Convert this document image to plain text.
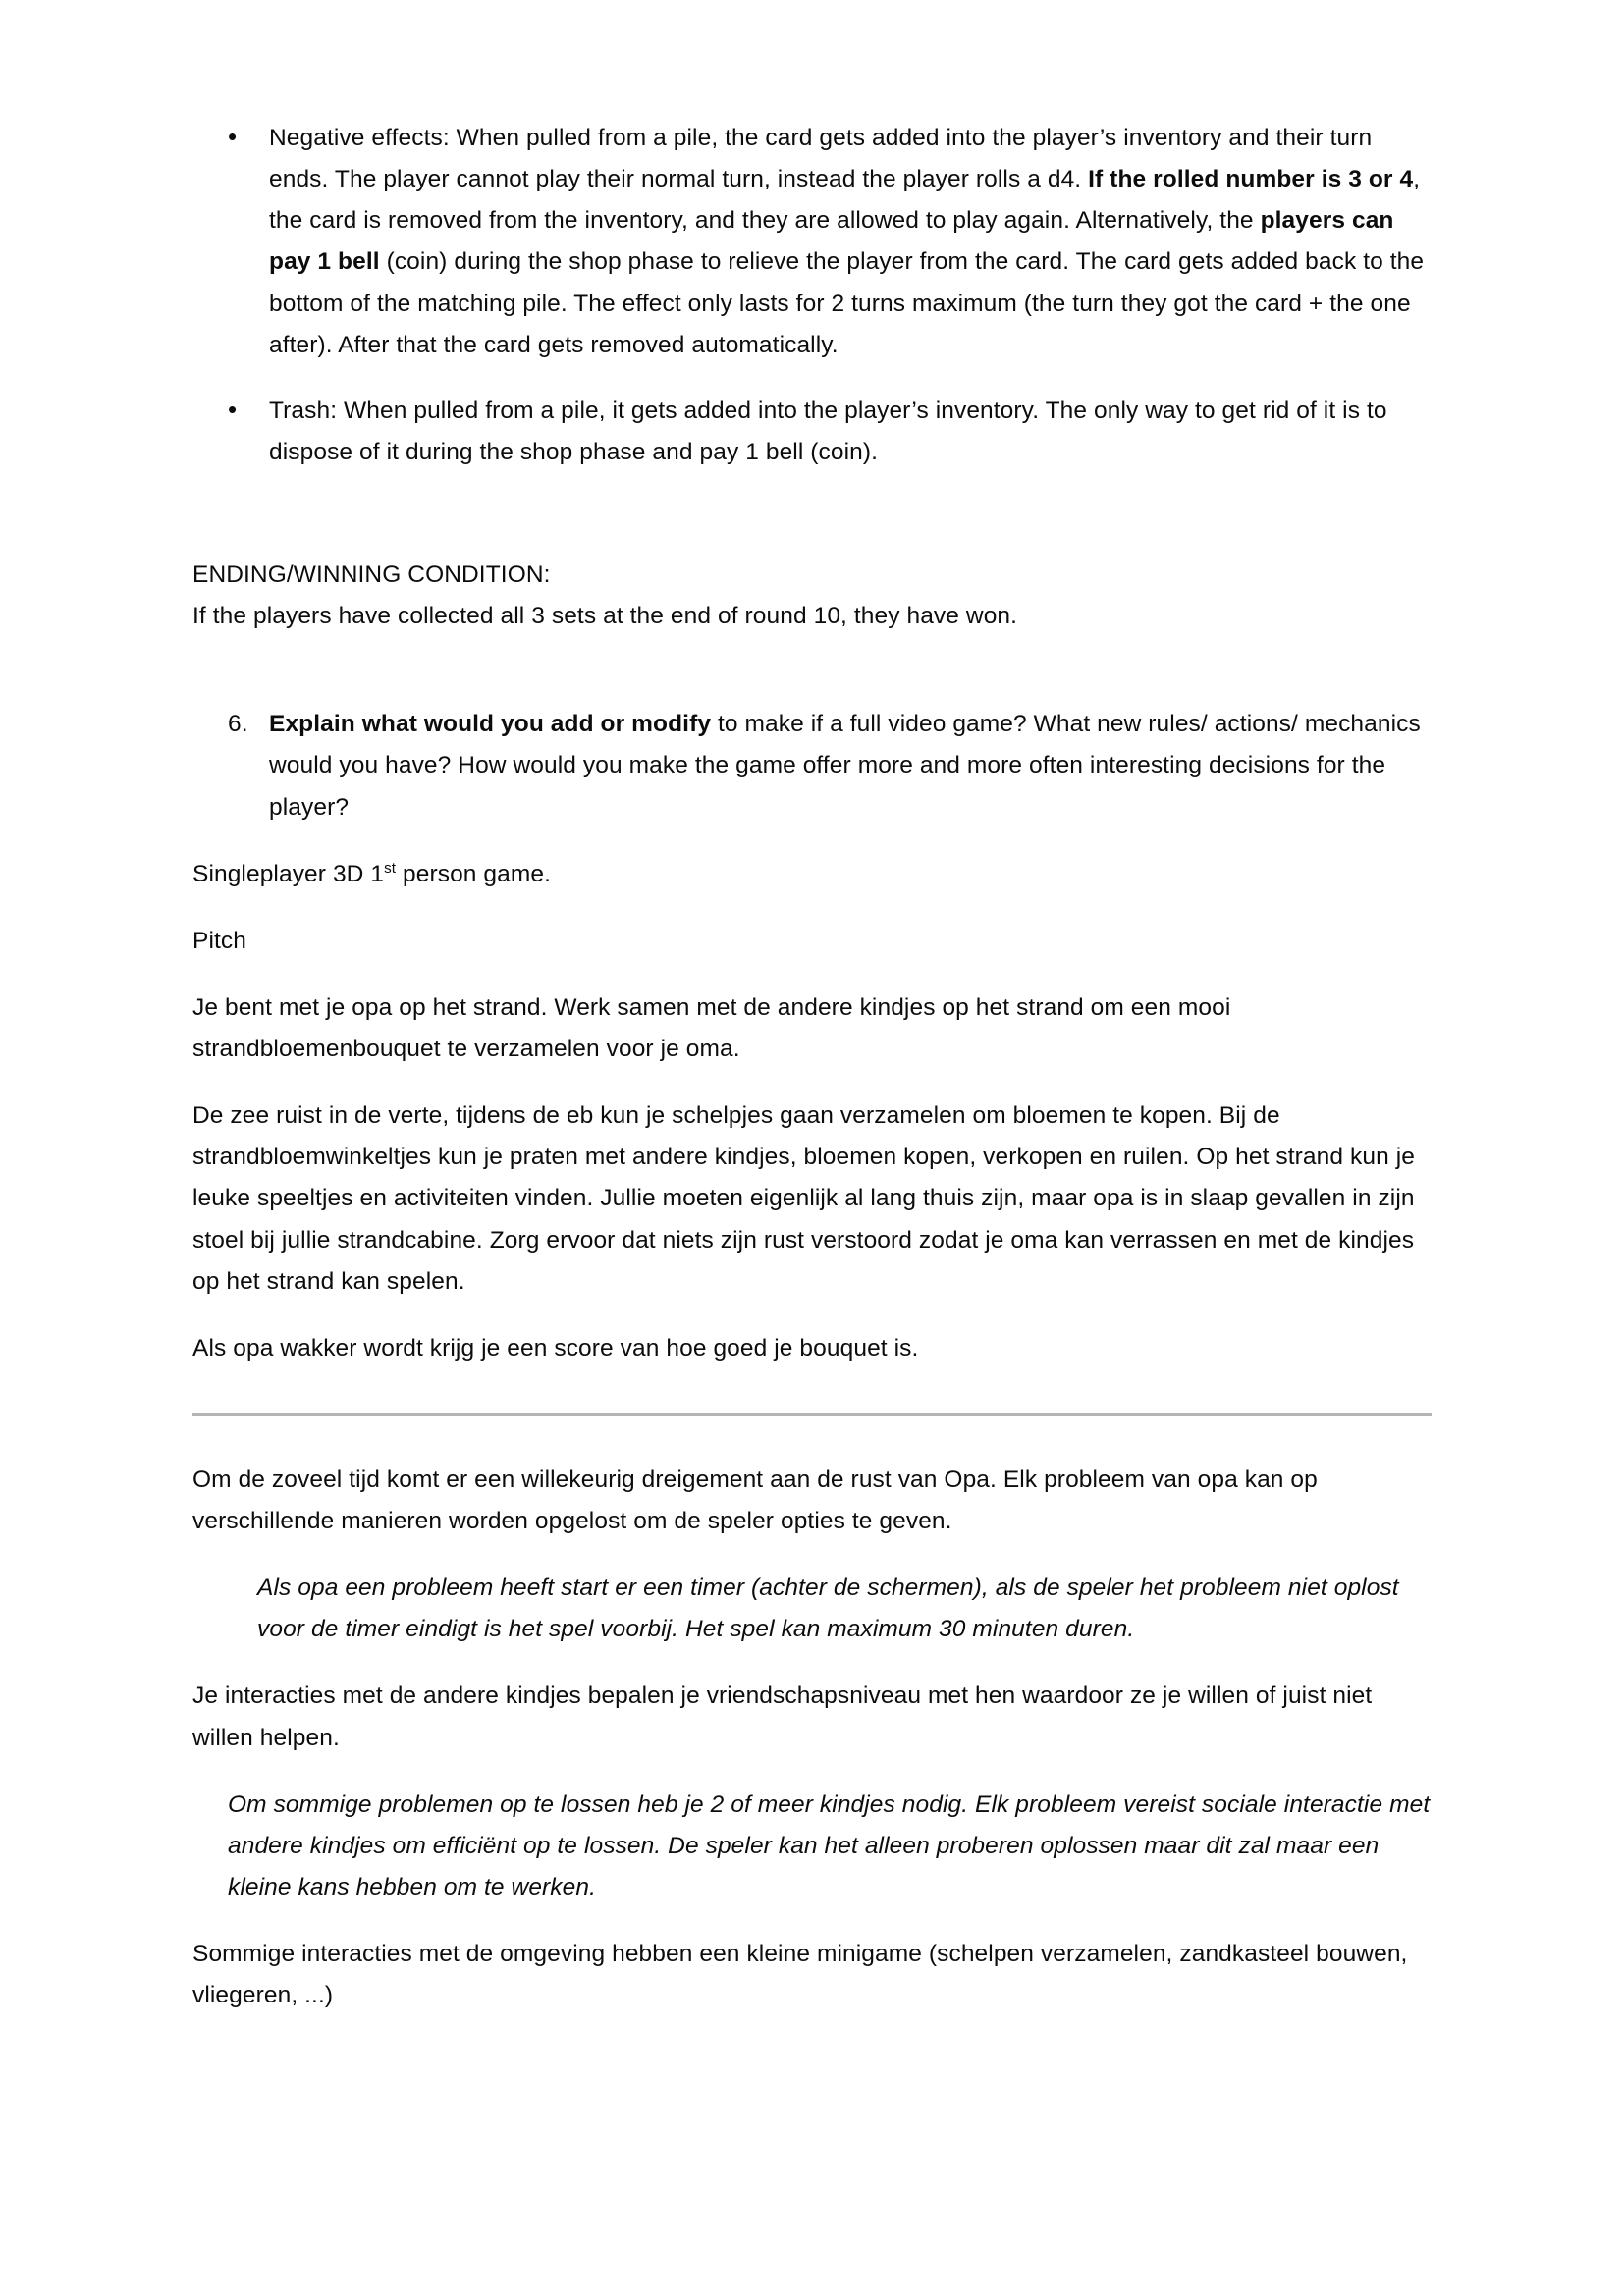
• Negative effects: When pulled from a pile, the card gets added into the player’s inventory and their turn ends. The player cannot play their normal turn, instead the player rolls a d4. If the rolled number is 3 or 4, the card is removed from the inventory, and they are allowed to play again. Alternatively, the players can pay 1 bell (coin) during the shop phase to relieve the player from the card. The card gets added back to the bottom of the matching pile. The effect only lasts for 2 turns maximum (the turn they got the card + the one after). After that the card gets removed automatically.
• Trash: When pulled from a pile, it gets added into the player’s inventory. The only way to get rid of it is to dispose of it during the shop phase and pay 1 bell (coin).

ENDING/WINNING CONDITION:

If the players have collected all 3 sets at the end of round 10, they have won.

6. Explain what would you add or modify to make if a full video game? What new rules/ actions/ mechanics would you have? How would you make the game offer more and more often interesting decisions for the player?

Singleplayer 3D 1st person game.

Pitch

Je bent met je opa op het strand. Werk samen met de andere kindjes op het strand om een mooi strandbloemenbouquet te verzamelen voor je oma.

De zee ruist in de verte, tijdens de eb kun je schelpjes gaan verzamelen om bloemen te kopen. Bij de strandbloemwinkeltjes kun je praten met andere kindjes, bloemen kopen, verkopen en ruilen. Op het strand kun je leuke speeltjes en activiteiten vinden. Jullie moeten eigenlijk al lang thuis zijn, maar opa is in slaap gevallen in zijn stoel bij jullie strandcabine. Zorg ervoor dat niets zijn rust verstoord zodat je oma kan verrassen en met de kindjes op het strand kan spelen.

Als opa wakker wordt krijg je een score van hoe goed je bouquet is.

Om de zoveel tijd komt er een willekeurig dreigement aan de rust van Opa. Elk probleem van opa kan op verschillende manieren worden opgelost om de speler opties te geven.

Als opa een probleem heeft start er een timer (achter de schermen), als de speler het probleem niet oplost voor de timer eindigt is het spel voorbij. Het spel kan maximum 30 minuten duren.

Je interacties met de andere kindjes bepalen je vriendschapsniveau met hen waardoor ze je willen of juist niet willen helpen.

Om sommige problemen op te lossen heb je 2 of meer kindjes nodig. Elk probleem vereist sociale interactie met andere kindjes om efficiënt op te lossen. De speler kan het alleen proberen oplossen maar dit zal maar een kleine kans hebben om te werken.

Sommige interacties met de omgeving hebben een kleine minigame (schelpen verzamelen, zandkasteel bouwen, vliegeren, ...)
